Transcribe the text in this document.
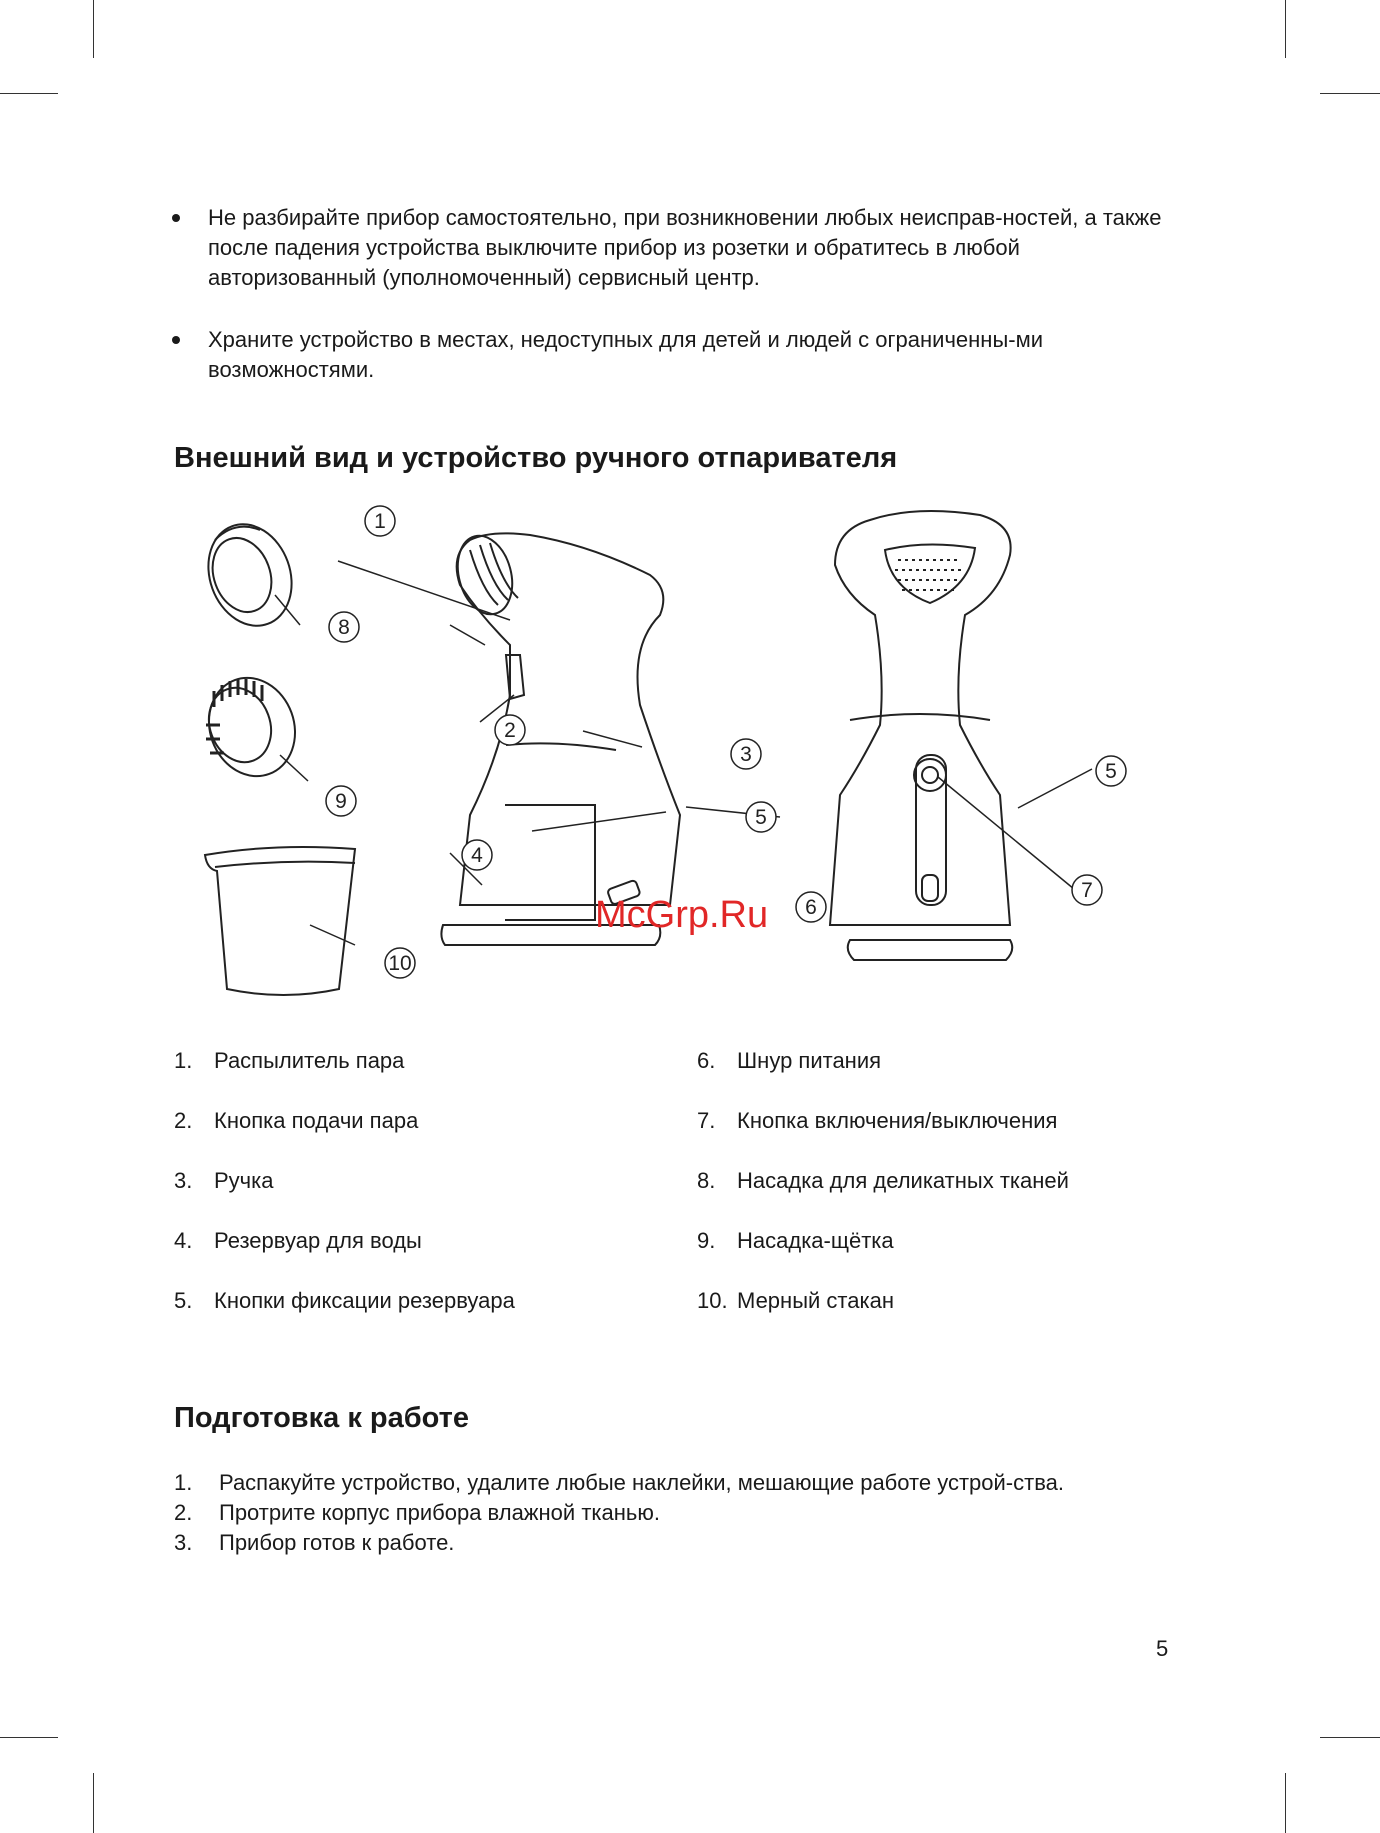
Не разбирайте прибор самостоятельно, при возникновении любых неисправ-ностей, а также после падения устройства выключите прибор из розетки и обратитесь в любой авторизованный (уполномоченный) сервисный центр.
Храните устройство в местах, недоступных для детей и людей с ограниченны-ми возможностями.
Внешний вид и устройство ручного отпаривателя
1
8
9
10
2
3
4
5
5
6
7
McGrp.Ru
1. Распылитель пара
2. Кнопка подачи пара
3. Ручка
4. Резервуар для воды
5. Кнопки фиксации резервуара
6. Шнур питания
7. Кнопка включения/выключения
8. Насадка для деликатных тканей
9. Насадка-щётка
10. Мерный стакан
Подготовка к работе
1. Распакуйте устройство, удалите любые наклейки, мешающие работе устрой-ства.
2. Протрите корпус прибора влажной тканью.
3. Прибор готов к работе.
5
